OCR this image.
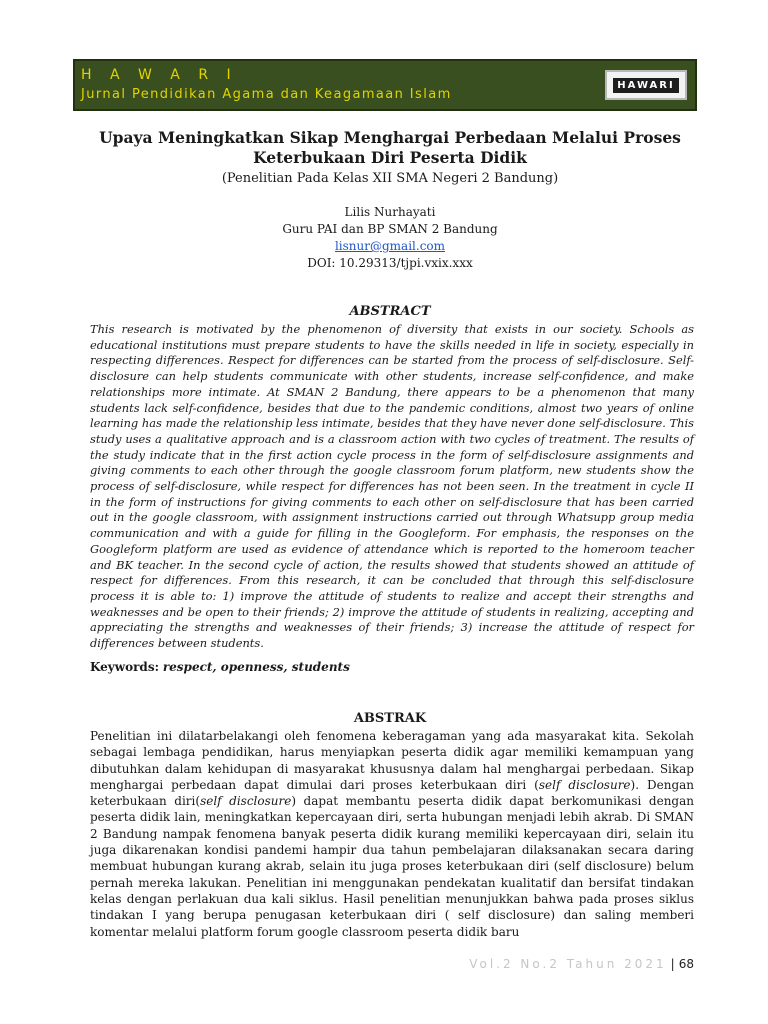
H A W A R I
Jurnal Pendidikan Agama dan Keagamaan Islam
HAWARI
Upaya Meningkatkan Sikap Menghargai Perbedaan Melalui Proses
Keterbukaan Diri Peserta Didik
(Penelitian Pada Kelas XII SMA Negeri 2 Bandung)
Lilis Nurhayati
Guru PAI dan BP SMAN 2 Bandung
lisnur@gmail.com
DOI: 10.29313/tjpi.vxix.xxx
ABSTRACT
This research is motivated by the phenomenon of diversity that exists in our society. Schools as educational institutions must prepare students to have the skills needed in life in society, especially in respecting differences. Respect for differences can be started from the process of self-disclosure. Self-disclosure can help students communicate with other students, increase self-confidence, and make relationships more intimate. At SMAN 2 Bandung, there appears to be a phenomenon that many students lack self-confidence, besides that due to the pandemic conditions, almost two years of online learning has made the relationship less intimate, besides that they have never done self-disclosure. This study uses a qualitative approach and is a classroom action with two cycles of treatment. The results of the study indicate that in the first action cycle process in the form of self-disclosure assignments and giving comments to each other through the google classroom forum platform, new students show the process of self-disclosure, while respect for differences has not been seen. In the treatment in cycle II in the form of instructions for giving comments to each other on self-disclosure that has been carried out in the google classroom, with assignment instructions carried out through Whatsupp group media communication and with a guide for filling in the Googleform. For emphasis, the responses on the Googleform platform are used as evidence of attendance which is reported to the homeroom teacher and BK teacher. In the second cycle of action, the results showed that students showed an attitude of respect for differences. From this research, it can be concluded that through this self-disclosure process it is able to: 1) improve the attitude of students to realize and accept their strengths and weaknesses and be open to their friends; 2) improve the attitude of students in realizing, accepting and appreciating the strengths and weaknesses of their friends; 3) increase the attitude of respect for differences between students.
Keywords: respect, openness, students
ABSTRAK
Penelitian ini dilatarbelakangi oleh fenomena keberagaman yang ada masyarakat kita. Sekolah sebagai lembaga pendidikan, harus menyiapkan peserta didik agar memiliki kemampuan yang dibutuhkan dalam kehidupan di masyarakat khususnya dalam hal menghargai perbedaan. Sikap menghargai perbedaan dapat dimulai dari proses keterbukaan diri (self disclosure). Dengan keterbukaan diri(self disclosure) dapat membantu peserta didik dapat berkomunikasi dengan peserta didik lain, meningkatkan kepercayaan diri, serta hubungan menjadi lebih akrab. Di SMAN 2 Bandung nampak fenomena banyak peserta didik kurang memiliki kepercayaan diri, selain itu juga dikarenakan kondisi pandemi hampir dua tahun pembelajaran dilaksanakan secara daring membuat hubungan kurang akrab, selain itu juga proses keterbukaan diri (self disclosure) belum pernah mereka lakukan. Penelitian ini menggunakan pendekatan kualitatif dan bersifat tindakan kelas dengan perlakuan dua kali siklus. Hasil penelitian menunjukkan bahwa pada proses siklus tindakan I yang berupa penugasan keterbukaan diri ( self disclosure) dan saling memberi komentar melalui platform forum google classroom peserta didik baru
Vol.2 No.2 Tahun 2021 | 68
